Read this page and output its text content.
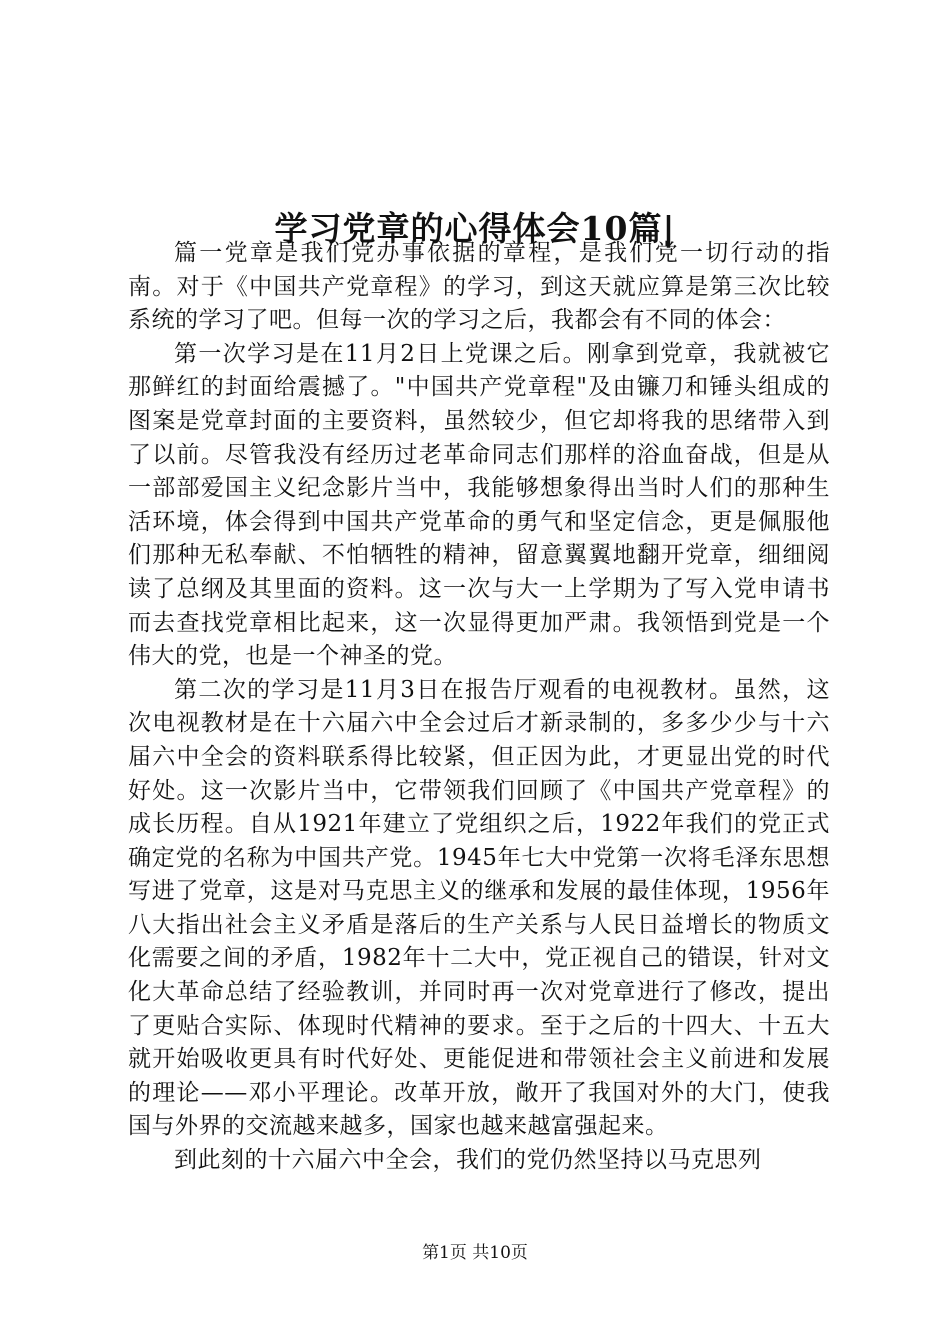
学习党章的心得体会10篇|

篇一党章是我们党办事依据的章程，是我们党一切行动的指南。对于《中国共产党章程》的学习，到这天就应算是第三次比较系统的学习了吧。但每一次的学习之后，我都会有不同的体会：

第一次学习是在11月2日上党课之后。刚拿到党章，我就被它那鲜红的封面给震撼了。"中国共产党章程"及由镰刀和锤头组成的图案是党章封面的主要资料，虽然较少，但它却将我的思绪带入到了以前。尽管我没有经历过老革命同志们那样的浴血奋战，但是从一部部爱国主义纪念影片当中，我能够想象得出当时人们的那种生活环境，体会得到中国共产党革命的勇气和坚定信念，更是佩服他们那种无私奉献、不怕牺牲的精神，留意翼翼地翻开党章，细细阅读了总纲及其里面的资料。这一次与大一上学期为了写入党申请书而去查找党章相比起来，这一次显得更加严肃。我领悟到党是一个伟大的党，也是一个神圣的党。

第二次的学习是11月3日在报告厅观看的电视教材。虽然，这次电视教材是在十六届六中全会过后才新录制的，多多少少与十六届六中全会的资料联系得比较紧，但正因为此，才更显出党的时代好处。这一次影片当中，它带领我们回顾了《中国共产党章程》的成长历程。自从1921年建立了党组织之后，1922年我们的党正式确定党的名称为中国共产党。1945年七大中党第一次将毛泽东思想写进了党章，这是对马克思主义的继承和发展的最佳体现，1956年八大指出社会主义矛盾是落后的生产关系与人民日益增长的物质文化需要之间的矛盾，1982年十二大中，党正视自己的错误，针对文化大革命总结了经验教训，并同时再一次对党章进行了修改，提出了更贴合实际、体现时代精神的要求。至于之后的十四大、十五大就开始吸收更具有时代好处、更能促进和带领社会主义前进和发展的理论——邓小平理论。改革开放，敞开了我国对外的大门，使我国与外界的交流越来越多，国家也越来越富强起来。

到此刻的十六届六中全会，我们的党仍然坚持以马克思列

第1页 共10页
